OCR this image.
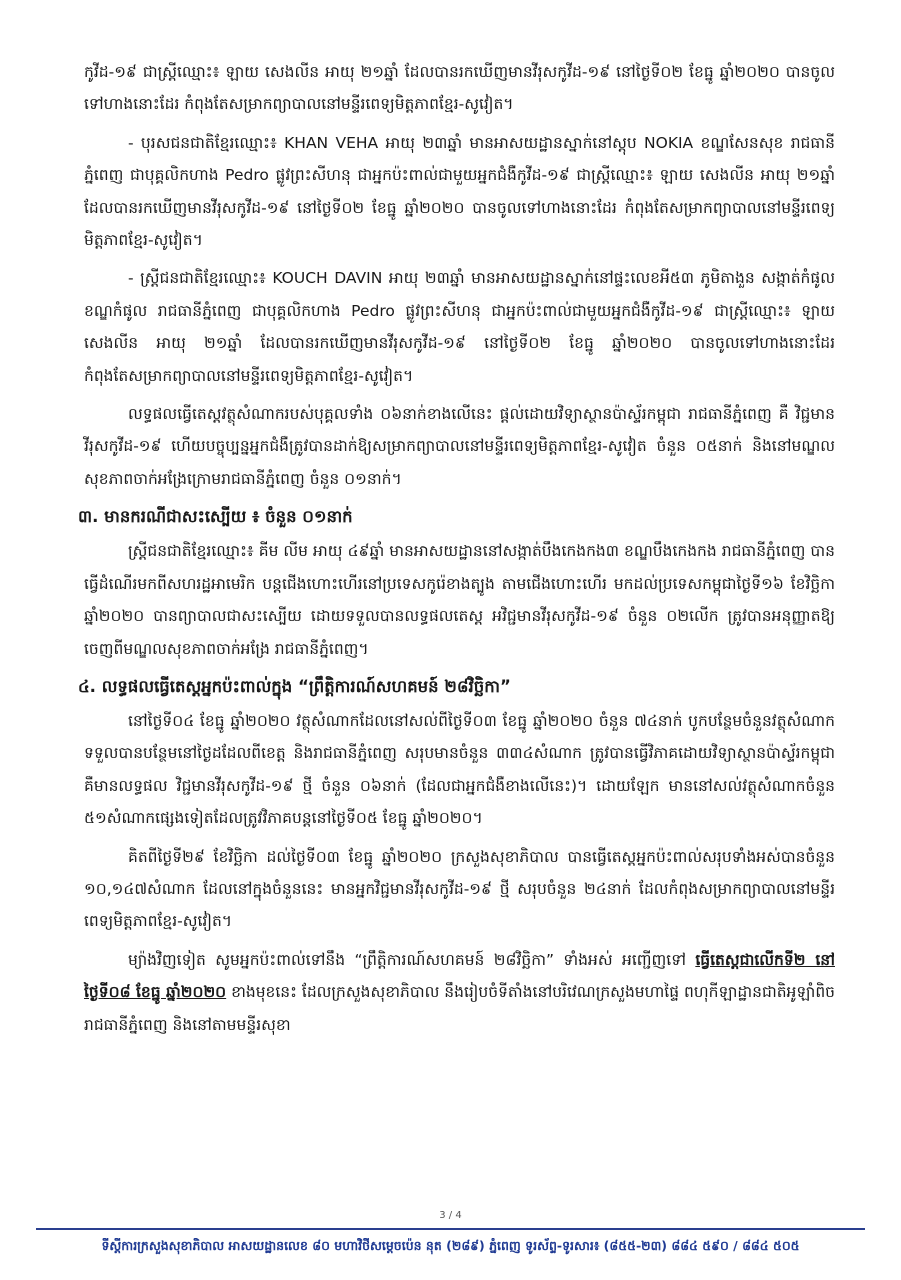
កូវីដ-១៩ ជាស្ត្រីឈ្មោះ៖ ឡាយ សេងលីន អាយុ ២១ឆ្នាំ ដែលបានរកឃើញមានវីរុសកូវីដ-១៩ នៅថ្ងៃទី០២ ខែធ្នូ ឆ្នាំ២០២០ បានចូលទៅហាងនោះដែរ កំពុងតែសម្រាកព្យាបាលនៅមន្ទីរពេទ្យមិត្តភាពខ្មែរ-សូវៀត។

- បុរសជនជាតិខ្មែរឈ្មោះ៖ KHAN VEHA អាយុ ២៣ឆ្នាំ មានអាសយដ្ឋានស្នាក់នៅស្តុប NOKIA ខណ្ឌសែនសុខ រាជធានីភ្នំពេញ ជាបុគ្គលិកហាង Pedro ផ្លូវព្រះសីហនុ ជាអ្នកប៉ះពាល់ជាមួយអ្នកជំងឺកូវីដ-១៩ ជាស្ត្រីឈ្មោះ៖ ឡាយ សេងលីន អាយុ ២១ឆ្នាំ ដែលបានរកឃើញមានវីរុសកូវីដ-១៩ នៅថ្ងៃទី០២ ខែធ្នូ ឆ្នាំ២០២០ បានចូលទៅហាងនោះដែរ កំពុងតែសម្រាកព្យាបាលនៅមន្ទីរពេទ្យមិត្តភាពខ្មែរ-សូវៀត។

- ស្ត្រីជនជាតិខ្មែរឈ្មោះ៖ KOUCH DAVIN អាយុ ២៣ឆ្នាំ មានអាសយដ្ឋានស្នាក់នៅផ្ទះលេខអី៥៣ ភូមិតាងួន សង្កាត់កំផូល ខណ្ឌកំផូល រាជធានីភ្នំពេញ ជាបុគ្គលិកហាង Pedro ផ្លូវព្រះសីហនុ ជាអ្នកប៉ះពាល់ជាមួយអ្នកជំងឺកូវីដ-១៩ ជាស្ត្រីឈ្មោះ៖ ឡាយ សេងលីន អាយុ ២១ឆ្នាំ ដែលបានរកឃើញមានវីរុសកូវីដ-១៩ នៅថ្ងៃទី០២ ខែធ្នូ ឆ្នាំ២០២០ បានចូលទៅហាងនោះដែរ កំពុងតែសម្រាកព្យាបាលនៅមន្ទីរពេទ្យមិត្តភាពខ្មែរ-សូវៀត។

លទ្ធផលធ្វើតេស្តវត្ថុសំណាករបស់បុគ្គលទាំង ០៦នាក់ខាងលើនេះ ផ្ដល់ដោយវិទ្យាស្ថានប៉ាស្ទ័រកម្ពុជា រាជធានីភ្នំពេញ គឺ វិជ្ជមានវីរុសកូវីដ-១៩ ហើយបច្ចុប្បន្នអ្នកជំងឺត្រូវបានដាក់ឱ្យសម្រាកព្យាបាលនៅមន្ទីរពេទ្យមិត្តភាពខ្មែរ-សូវៀត ចំនួន ០៥នាក់ និងនៅមណ្ឌលសុខភាពចាក់អង្រែក្រោមរាជធានីភ្នំពេញ ចំនួន ០១នាក់។

៣. មានករណីជាសះស្បើយ ៖ ចំនួន ០១នាក់

ស្ត្រីជនជាតិខ្មែរឈ្មោះ៖ គីម លីម អាយុ ៤៩ឆ្នាំ មានអាសយដ្ឋាននៅសង្កាត់បឹងកេងកង៣ ខណ្ឌបឹងកេងកង រាជធានីភ្នំពេញ បានធ្វើដំណើរមកពីសហរដ្ឋអាមេរិក បន្តជើងហោះហើរនៅប្រទេសកូរ៉េខាងត្បូង តាមជើងហោះហើរ មកដល់ប្រទេសកម្ពុជាថ្ងៃទី១៦ ខែវិច្ឆិកា ឆ្នាំ២០២០ បានព្យាបាលជាសះស្បើយ ដោយទទួលបានលទ្ធផលតេស្ត អវិជ្ជមានវីរុសកូវីដ-១៩ ចំនួន ០២លើក ត្រូវបានអនុញ្ញាតឱ្យចេញពីមណ្ឌលសុខភាពចាក់អង្រែ រាជធានីភ្នំពេញ។

៤. លទ្ធផលធ្វើតេស្តអ្នកប៉ះពាល់ក្នុង “ព្រឹត្តិការណ៍សហគមន៍ ២៨វិច្ឆិកា”

នៅថ្ងៃទី០៤ ខែធ្នូ ឆ្នាំ២០២០ វត្ថុសំណាកដែលនៅសល់ពីថ្ងៃទី០៣ ខែធ្នូ ឆ្នាំ២០២០ ចំនួន ៧៤នាក់ បូកបន្ថែមចំនួនវត្ថុសំណាកទទួលបានបន្ថែមនៅថ្ងៃដដែលពីខេត្ត និងរាជធានីភ្នំពេញ សរុបមានចំនួន ៣៣៤សំណាក ត្រូវបានធ្វើវិភាគដោយវិទ្យាស្ថានប៉ាស្ទ័រកម្ពុជា គឺមានលទ្ធផល វិជ្ជមានវីរុសកូវីដ-១៩ ថ្មី ចំនួន ០៦នាក់ (ដែលជាអ្នកជំងឺខាងលើនេះ)។ ដោយឡែក មាននៅសល់វត្ថុសំណាកចំនួន ៥១សំណាកផ្សេងទៀតដែលត្រូវវិភាគបន្តនៅថ្ងៃទី០៥ ខែធ្នូ ឆ្នាំ២០២០។

គិតពីថ្ងៃទី២៩ ខែវិច្ឆិកា ដល់ថ្ងៃទី០៣ ខែធ្នូ ឆ្នាំ២០២០ ក្រសួងសុខាភិបាល បានធ្វើតេស្តអ្នកប៉ះពាល់សរុបទាំងអស់បានចំនួន ១០,១៤៧សំណាក ដែលនៅក្នុងចំនួននេះ មានអ្នកវិជ្ជមានវីរុសកូវីដ-១៩ ថ្មី សរុបចំនួន ២៤នាក់ ដែលកំពុងសម្រាកព្យាបាលនៅមន្ទីរពេទ្យមិត្តភាពខ្មែរ-សូវៀត។

ម្យ៉ាងវិញទៀត សូមអ្នកប៉ះពាល់ទៅនឹង “ព្រឹត្តិការណ៍សហគមន៍ ២៨វិច្ឆិកា” ទាំងអស់ អញ្ជើញទៅ ធ្វើតេស្តជាលើកទី២ នៅថ្ងៃទី០៨ ខែធ្នូ ឆ្នាំ២០២០ ខាងមុខនេះ ដែលក្រសួងសុខាភិបាល នឹងរៀបចំទីតាំងនៅបរិវេណក្រសួងមហាផ្ទៃ ពហុកីឡាដ្ឋានជាតិអូឡាំពិច រាជធានីភ្នំពេញ និងនៅតាមមន្ទីរសុខា

3 / 4
ទីស្តីការក្រសួងសុខាភិបាល អាសយដ្ឋានលេខ ៨០ មហាវិថីសម្ដេចប៉េន នុត (២៨៩) ភ្នំពេញ ទូរស័ព្ទ-ទូរសារ៖ (៨៥៥-២៣) ៨៨៤ ៥៩០ / ៨៨៤ ៥០៥
